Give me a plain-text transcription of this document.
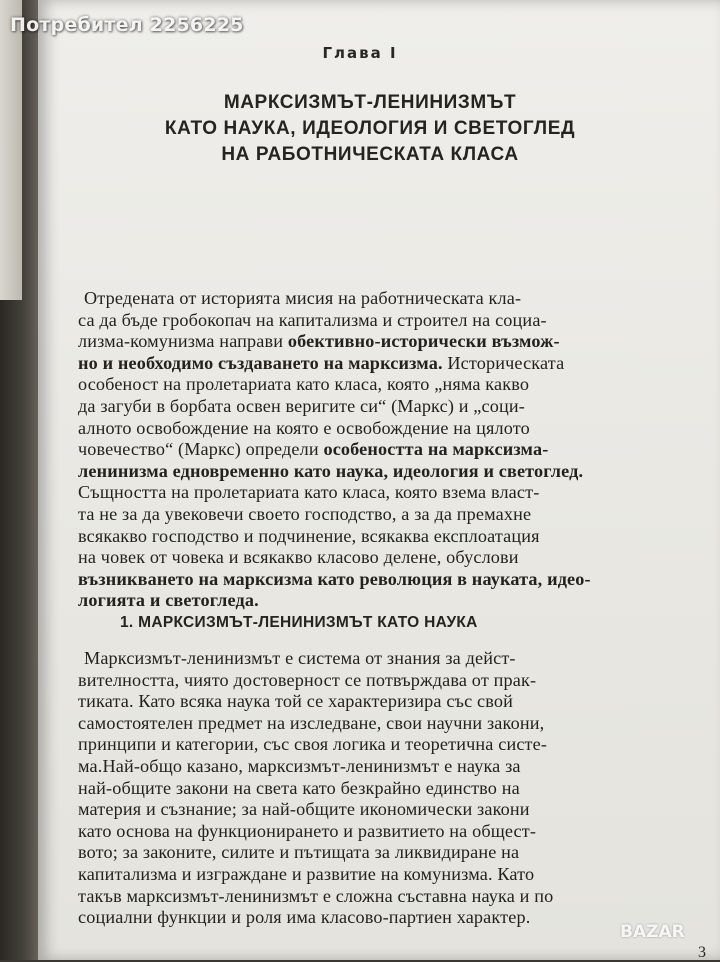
Потребител 2256225
Глава I
МАРКСИЗМЪТ-ЛЕНИНИЗМЪТ
КАТО НАУКА, ИДЕОЛОГИЯ И СВЕТОГЛЕД
НА РАБОТНИЧЕСКАТА КЛАСА
Отредената от историята мисия на работническата кла-
са да бъде гробокопач на капитализма и строител на социа-
лизма-комунизма направи обективно-исторически възмож-
но и необходимо създаването на марксизма. Историческата
особеност на пролетариата като класа, която „няма какво
да загуби в борбата освен веригите си“ (Маркс) и „соци-
алното освобождение на която е освобождение на цялото
човечество“ (Маркс) определи особеността на марксизма-
ленинизма едновременно като наука, идеология и светоглед.
Същността на пролетариата като класа, която взема власт-
та не за да увековечи своето господство, а за да премахне
всякакво господство и подчинение, всякаква експлоатация
на човек от човека и всякакво класово делене, обуслови
възникването на марксизма като революция в науката, идео-
логията и светогледа.
1. МАРКСИЗМЪТ-ЛЕНИНИЗМЪТ КАТО НАУКА
Марксизмът-ленинизмът е система от знания за дейст-
вителността, чиято достоверност се потвърждава от прак-
тиката. Като всяка наука той се характеризира със свой
самостоятелен предмет на изследване, свои научни закони,
принципи и категории, със своя логика и теоретична систе-
ма.Най-общо казано, марксизмът-ленинизмът е наука за
най-общите закони на света като безкрайно единство на
материя и съзнание; за най-общите икономически закони
като основа на функционирането и развитието на общест-
вото; за законите, силите и пътищата за ликвидиране на
капитализма и изграждане и развитие на комунизма. Като
такъв марксизмът-ленинизмът е сложна съставна наука и по
социални функции и роля има класово-партиен характер.
BAZAR
3
